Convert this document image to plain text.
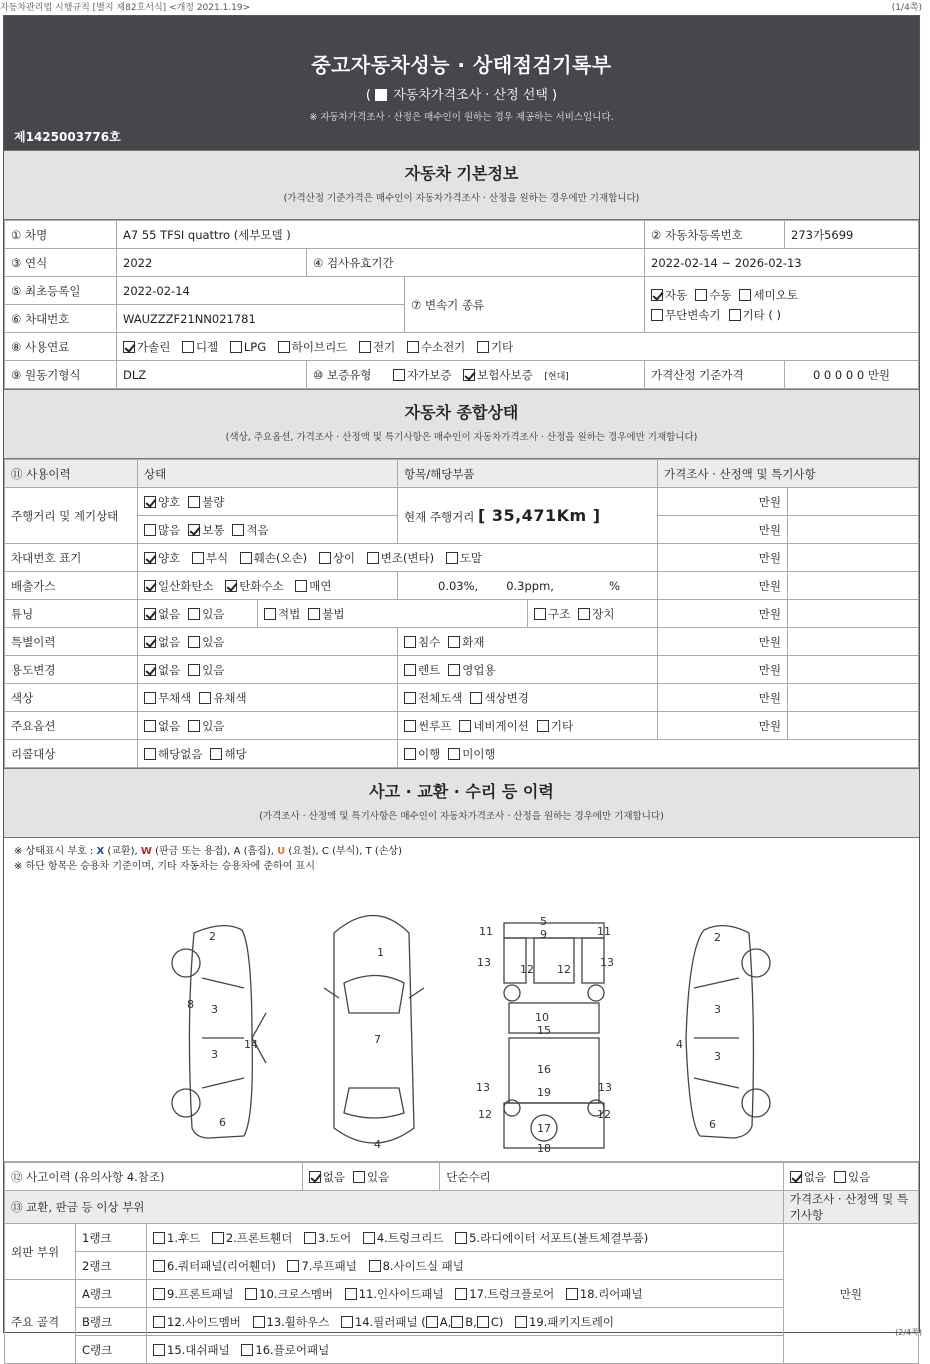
자동차관리법 시행규칙 [별지 제82호서식] <개정 2021.1.19>	(1/4쪽)
중고자동차성능 · 상태점검기록부
( 자동차가격조사 · 산정 선택 )
※ 자동차가격조사 · 산정은 매수인이 원하는 경우 제공하는 서비스입니다.
제1425003776호
자동차 기본정보
(가격산정 기준가격은 매수인이 자동차가격조사 · 산정을 원하는 경우에만 기재합니다)
① 차명	A7 55 TFSI quattro (세부모델 )			② 자동차등록번호	273가5699
③ 연식	2022	④ 검사유효기간		2022-02-14 ~ 2026-02-13	
⑤ 최초등록일	2022-02-14		⑦ 변속기 종류	자동 수동 세미오토
무단변속기 기타 ( )	

⑥ 차대번호	WAUZZZF21NN021781				
⑧ 사용연료	가솔린 디젤 LPG 하이브리드 전기 수소전기 기타				
⑨ 원동기형식	DLZ	⑩ 보증유형 자가보증 보험사보증 [현대]		가격산정 기준가격	0 0 0 0 0 만원
자동차 종합상태
(색상, 주요옵션, 가격조사 · 산정액 및 특기사항은 매수인이 자동차가격조사 · 산정을 원하는 경우에만 기재합니다)
⑪ 사용이력	상태		항목/해당부품		가격조사 · 산정액 및 특기사항	
주행거리 및 계기상태	양호 불량		현재 주행거리 [ 35,471Km ]		만원	
	많음 보통 적음				만원	
차대번호 표기	양호 부식 훼손(오손) 상이 변조(변타) 도말				만원	
배출가스	일산화탄소 탄화수소 매연		0.03%, 0.3ppm, %		만원	
튜닝	없음 있음	적법 불법		구조 장치	만원	
특별이력	없음 있음		침수 화재		만원	
용도변경	없음 있음		렌트 영업용		만원	
색상	무채색 유채색		전체도색 색상변경		만원	
주요옵션	없음 있음		썬루프 네비게이션 기타		만원	
리콜대상	해당없음 해당		이행 미이행			
사고 · 교환 · 수리 등 이력
(가격조사 · 산정액 및 특기사항은 매수인이 자동차가격조사 · 산정을 원하는 경우에만 기재합니다)
※ 상태표시 부호 : X (교환), W (판금 또는 용접), A (흠집), U (요철), C (부식), T (손상)
※ 하단 항목은 승용차 기준이며, 기타 자동차는 승용차에 준하여 표시
1
2
3
3
4
5
6
7
8
9
10
11	11
12 12
12	12
13	13
13	13
14	4
15
16
17
18
19
2
3
3
6
⑫ 사고이력 (유의사항 4.참조)			없음 있음	단순수리	없음 있음
⑬ 교환, 판금 등 이상 부위					가격조사 · 산정액 및 특기사항
외판 부위	1랭크	1.후드 2.프론트휀더 3.도어 4.트렁크리드 5.라디에이터 서포트(볼트체결부품)			만원
	2랭크	6.쿼터패널(리어휀더) 7.루프패널 8.사이드실 패널			
주요 골격	A랭크	9.프론트패널 10.크로스멤버 11.인사이드패널 17.트렁크플로어 18.리어패널			
	B랭크	12.사이드멤버 13.휠하우스 14.필러패널 ( A, B, C) 19.패키지트레이			
	C랭크	15.대쉬패널 16.플로어패널			
(2/4쪽)
